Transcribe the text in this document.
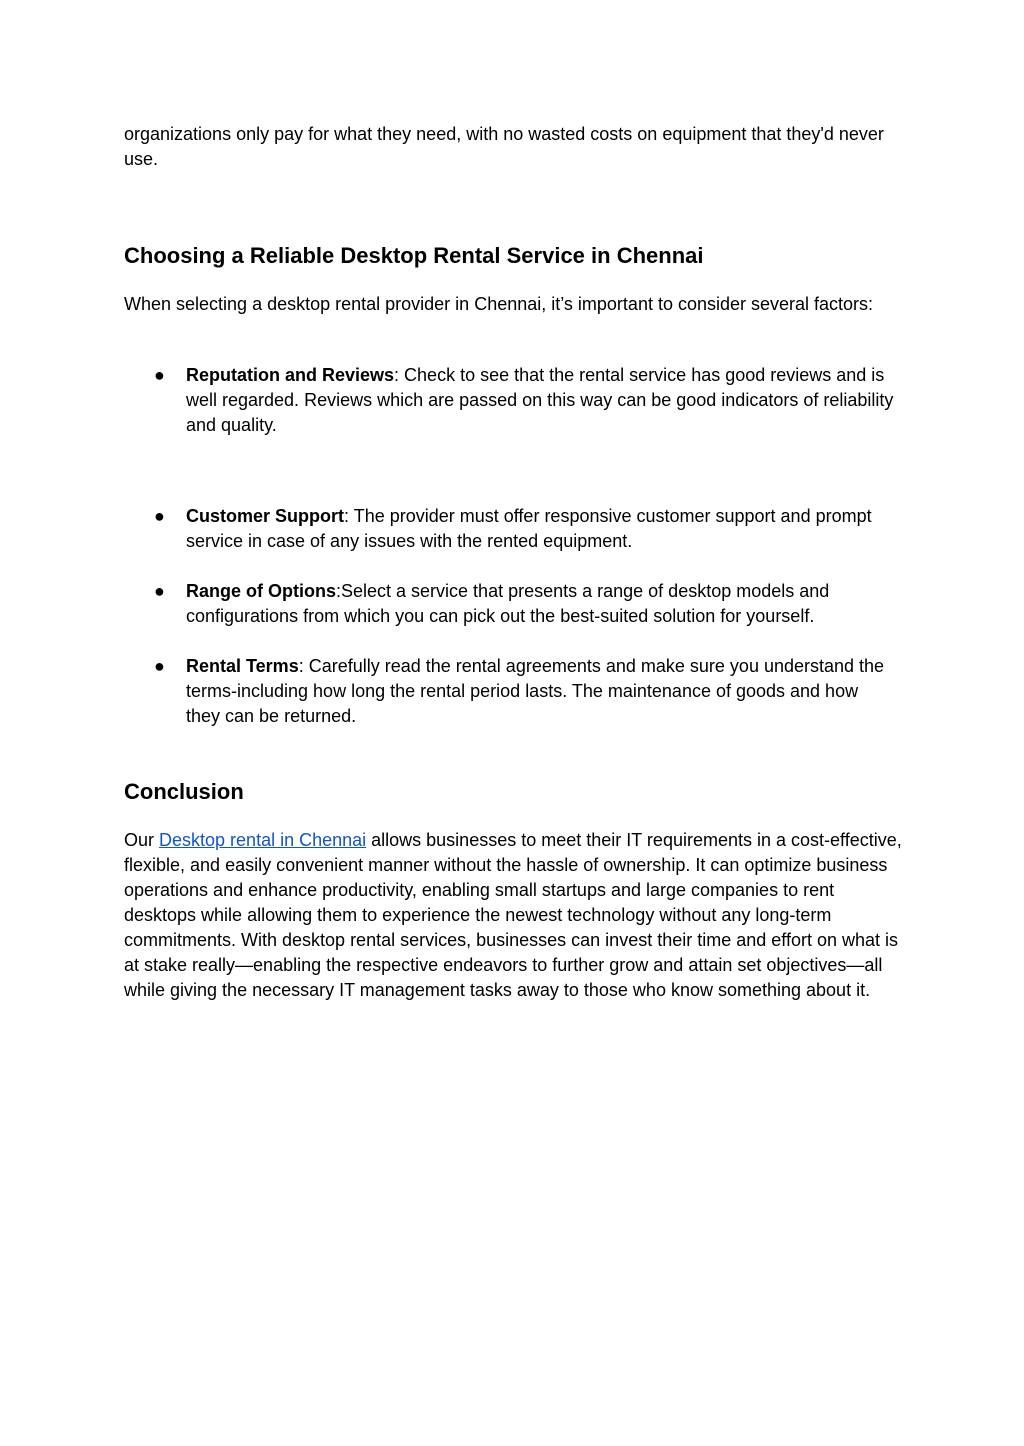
organizations only pay for what they need, with no wasted costs on equipment that they'd never use.

Choosing a Reliable Desktop Rental Service in Chennai

When selecting a desktop rental provider in Chennai, it’s important to consider several factors:

● Reputation and Reviews: Check to see that the rental service has good reviews and is well regarded. Reviews which are passed on this way can be good indicators of reliability and quality.
● Customer Support: The provider must offer responsive customer support and prompt service in case of any issues with the rented equipment.
● Range of Options:Select a service that presents a range of desktop models and configurations from which you can pick out the best-suited solution for yourself.
● Rental Terms: Carefully read the rental agreements and make sure you understand the terms-including how long the rental period lasts. The maintenance of goods and how they can be returned.
Conclusion

Our Desktop rental in Chennai allows businesses to meet their IT requirements in a cost-effective, flexible, and easily convenient manner without the hassle of ownership. It can optimize business operations and enhance productivity, enabling small startups and large companies to rent desktops while allowing them to experience the newest technology without any long-term commitments. With desktop rental services, businesses can invest their time and effort on what is at stake really—enabling the respective endeavors to further grow and attain set objectives—all while giving the necessary IT management tasks away to those who know something about it.
